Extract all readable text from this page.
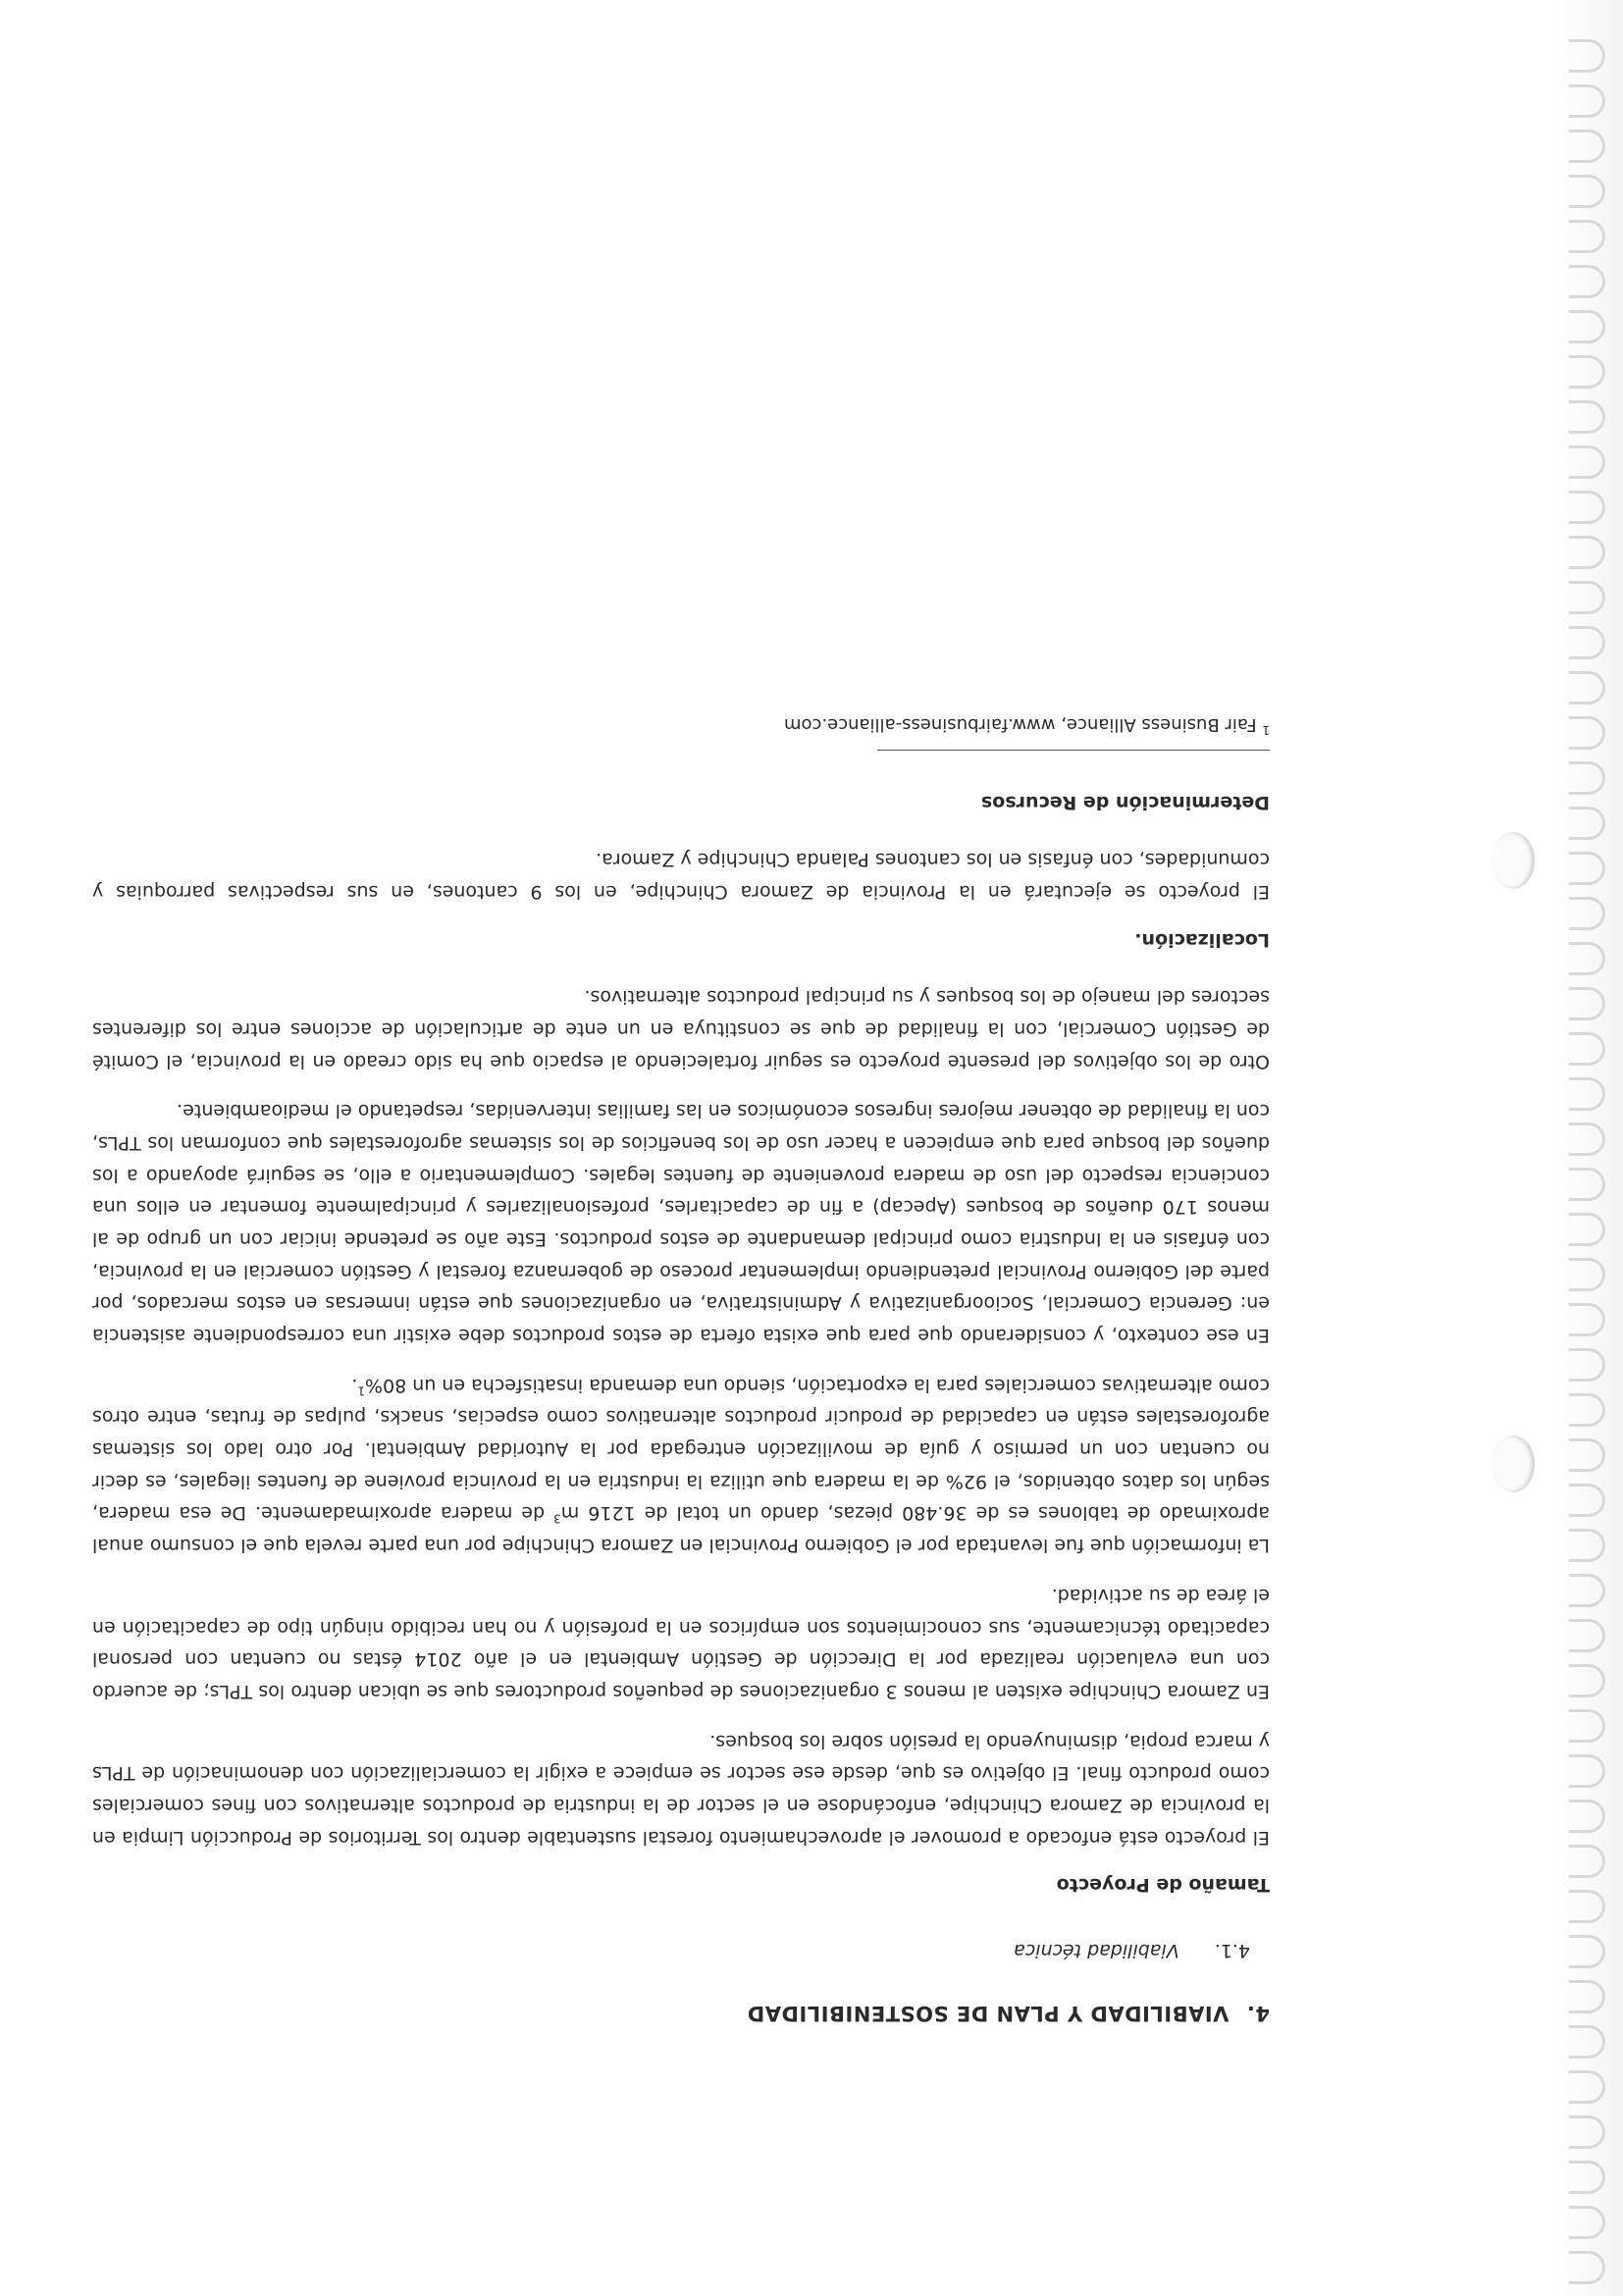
4.VIABILIDAD Y PLAN DE SOSTENIBILIDAD
4.1.Viabilidad técnica
Tamaño de Proyecto

El proyecto está enfocado a promover el aprovechamiento forestal sustentable dentro los Territorios de Producción Limpia en la provincia de Zamora Chinchipe, enfocándose en el sector de la industria de productos alternativos con fines comerciales como producto final. El objetivo es que, desde ese sector se empiece a exigir la comercialización con denominación de TPLs y marca propia, disminuyendo la presión sobre los bosques.

En Zamora Chinchipe existen al menos 3 organizaciones de pequeños productores que se ubican dentro los TPLs; de acuerdo con una evaluación realizada por la Dirección de Gestión Ambiental en el año 2014 éstas no cuentan con personal capacitado técnicamente, sus conocimientos son empíricos en la profesión y no han recibido ningún tipo de capacitación en el área de su actividad.

La información que fue levantada por el Gobierno Provincial en Zamora Chinchipe por una parte revela que el consumo anual aproximado de tablones es de 36.480 piezas, dando un total de 1216 $m^3$ de madera aproximadamente. De esa madera, según los datos obtenidos, el 92% de la madera que utiliza la industria en la provincia proviene de fuentes ilegales, es decir no cuentan con un permiso y guía de movilización entregada por la Autoridad Ambiental. Por otro lado los sistemas agroforestales están en capacidad de producir productos alternativos como especias, snacks, pulpas de frutas, entre otros como alternativas comerciales para la exportación, siendo una demanda insatisfecha en un 80%$^1$.

En ese contexto, y considerando que para que exista oferta de estos productos debe existir una correspondiente asistencia en: Gerencia Comercial, Socioorganizativa y Administrativa, en organizaciones que están inmersas en estos mercados, por parte del Gobierno Provincial pretendiendo implementar proceso de gobernanza forestal y Gestión comercial en la provincia, con énfasis en la Industria como principal demandante de estos productos. Este año se pretende iniciar con un grupo de al menos 170 dueños de bosques (Apecap) a fin de capacitarles, profesionalizarles y principalmente fomentar en ellos una conciencia respecto del uso de madera proveniente de fuentes legales. Complementario a ello, se seguirá apoyando a los dueños del bosque para que empiecen a hacer uso de los beneficios de los sistemas agroforestales que conforman los TPLs, con la finalidad de obtener mejores ingresos económicos en las familias intervenidas, respetando el medioambiente.

Otro de los objetivos del presente proyecto es seguir fortaleciendo al espacio que ha sido creado en la provincia, el Comité de Gestión Comercial, con la finalidad de que se constituya en un ente de articulación de acciones entre los diferentes sectores del manejo de los bosques y su principal productos alternativos.

Localización.

El proyecto se ejecutará en la Provincia de Zamora Chinchipe, en los 9 cantones, en sus respectivas parroquias y comunidades, con énfasis en los cantones Palanda Chinchipe y Zamora.

Determinación de Recursos
$^1$ Fair Business Alliance, www.fairbusiness-alliance.com
